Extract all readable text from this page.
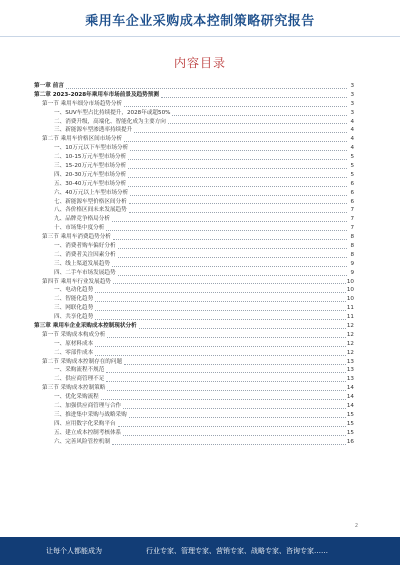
乘用车企业采购成本控制策略研究报告
内容目录
第一章 前言	3
第二章 2023-2028年乘用车市场前景及趋势预测	3
第一节 乘用车细分市场趋势分析	3
一、SUV车型占比持续提升，2028年或超50%	3
二、消费升级，高端化、智能化成为主要方向	4
三、新能源车型渗透率持续提升	4
第二节 乘用车价格区间市场分析	4
一、10万元以下车型市场分析	4
二、10-15万元车型市场分析	5
三、15-20万元车型市场分析	5
四、20-30万元车型市场分析	5
五、30-40万元车型市场分析	6
六、40万元以上车型市场分析	6
七、新能源车型价格区间分析	6
八、各价格区间未来发展趋势	7
九、品牌竞争格局分析	7
十、市场集中度分析	7
第三节 乘用车消费趋势分析	8
一、消费者购车偏好分析	8
二、消费者关注因素分析	8
三、线上渠道发展趋势	9
四、二手车市场发展趋势	9
第四节 乘用车行业发展趋势	10
一、电动化趋势	10
二、智能化趋势	10
三、网联化趋势	11
四、共享化趋势	11
第三章 乘用车企业采购成本控制现状分析	12
第一节 采购成本构成分析	12
一、原材料成本	12
二、零部件成本	12
第二节 采购成本控制存在的问题	13
一、采购流程不规范	13
二、供应商管理不足	13
第三节 采购成本控制策略	14
一、优化采购流程	14
二、加强供应商管理与合作	14
三、推进集中采购与战略采购	15
四、应用数字化采购平台	15
五、建立成本控制考核体系	15
六、完善风险管控机制	16
2
让每个人都能成为	行业专家、管理专家、营销专家、战略专家、咨询专家……
